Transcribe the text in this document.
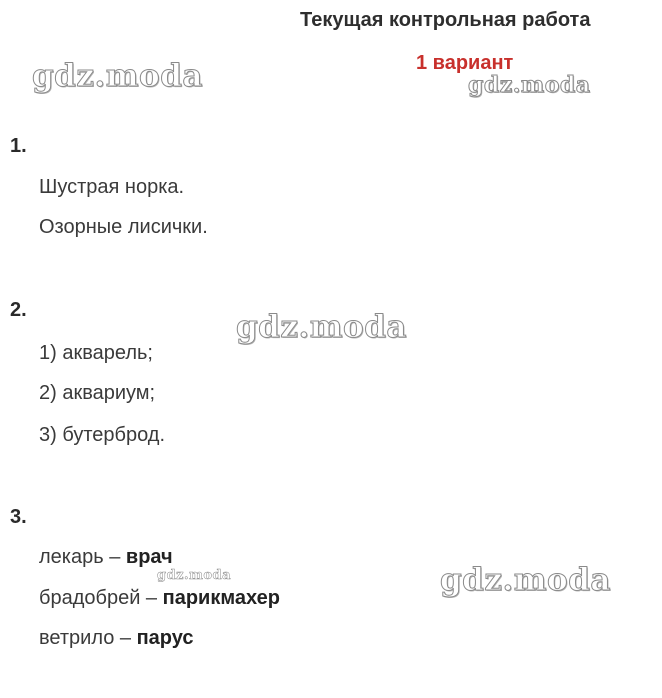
Текущая контрольная работа
1 вариант
gdz.moda	gdz.moda
gdz.moda
gdz.moda	gdz.moda
1.
Шустрая норка.
Озорные лисички.
2.
1) акварель;
2) аквариум;
3) бутерброд.
3.
лекарь – врач
брадобрей – парикмахер
ветрило – парус
